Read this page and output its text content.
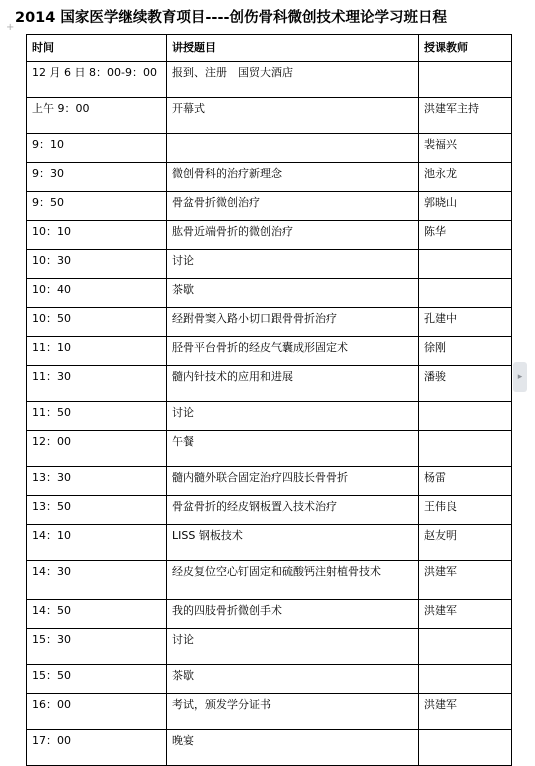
2014 国家医学继续教育项目----创伤骨科微创技术理论学习班日程
+
时间	讲授题目	授课教师
12 月 6 日 8：00-9：00	报到、注册　国贸大酒店	
上午 9：00	开幕式	洪建军主持
9：10		裴福兴
9：30	微创骨科的治疗新理念	池永龙
9：50	骨盆骨折微创治疗	郭晓山
10：10	肱骨近端骨折的微创治疗	陈华
10：30	讨论	
10：40	茶歇	
10：50	经跗骨窦入路小切口跟骨骨折治疗	孔建中
11：10	胫骨平台骨折的经皮气囊成形固定术	徐刚
11：30	髓内针技术的应用和进展	潘骏
11：50	讨论	
12：00	午餐	
13：30	髓内髓外联合固定治疗四肢长骨骨折	杨雷
13：50	骨盆骨折的经皮钢板置入技术治疗	王伟良
14：10	LISS 钢板技术	赵友明
14：30	经皮复位空心钉固定和硫酸钙注射植骨技术	洪建军
14：50	我的四肢骨折微创手术	洪建军
15：30	讨论	
15：50	茶歇	
16：00	考试，颁发学分证书	洪建军
17：00	晚宴	
▸
